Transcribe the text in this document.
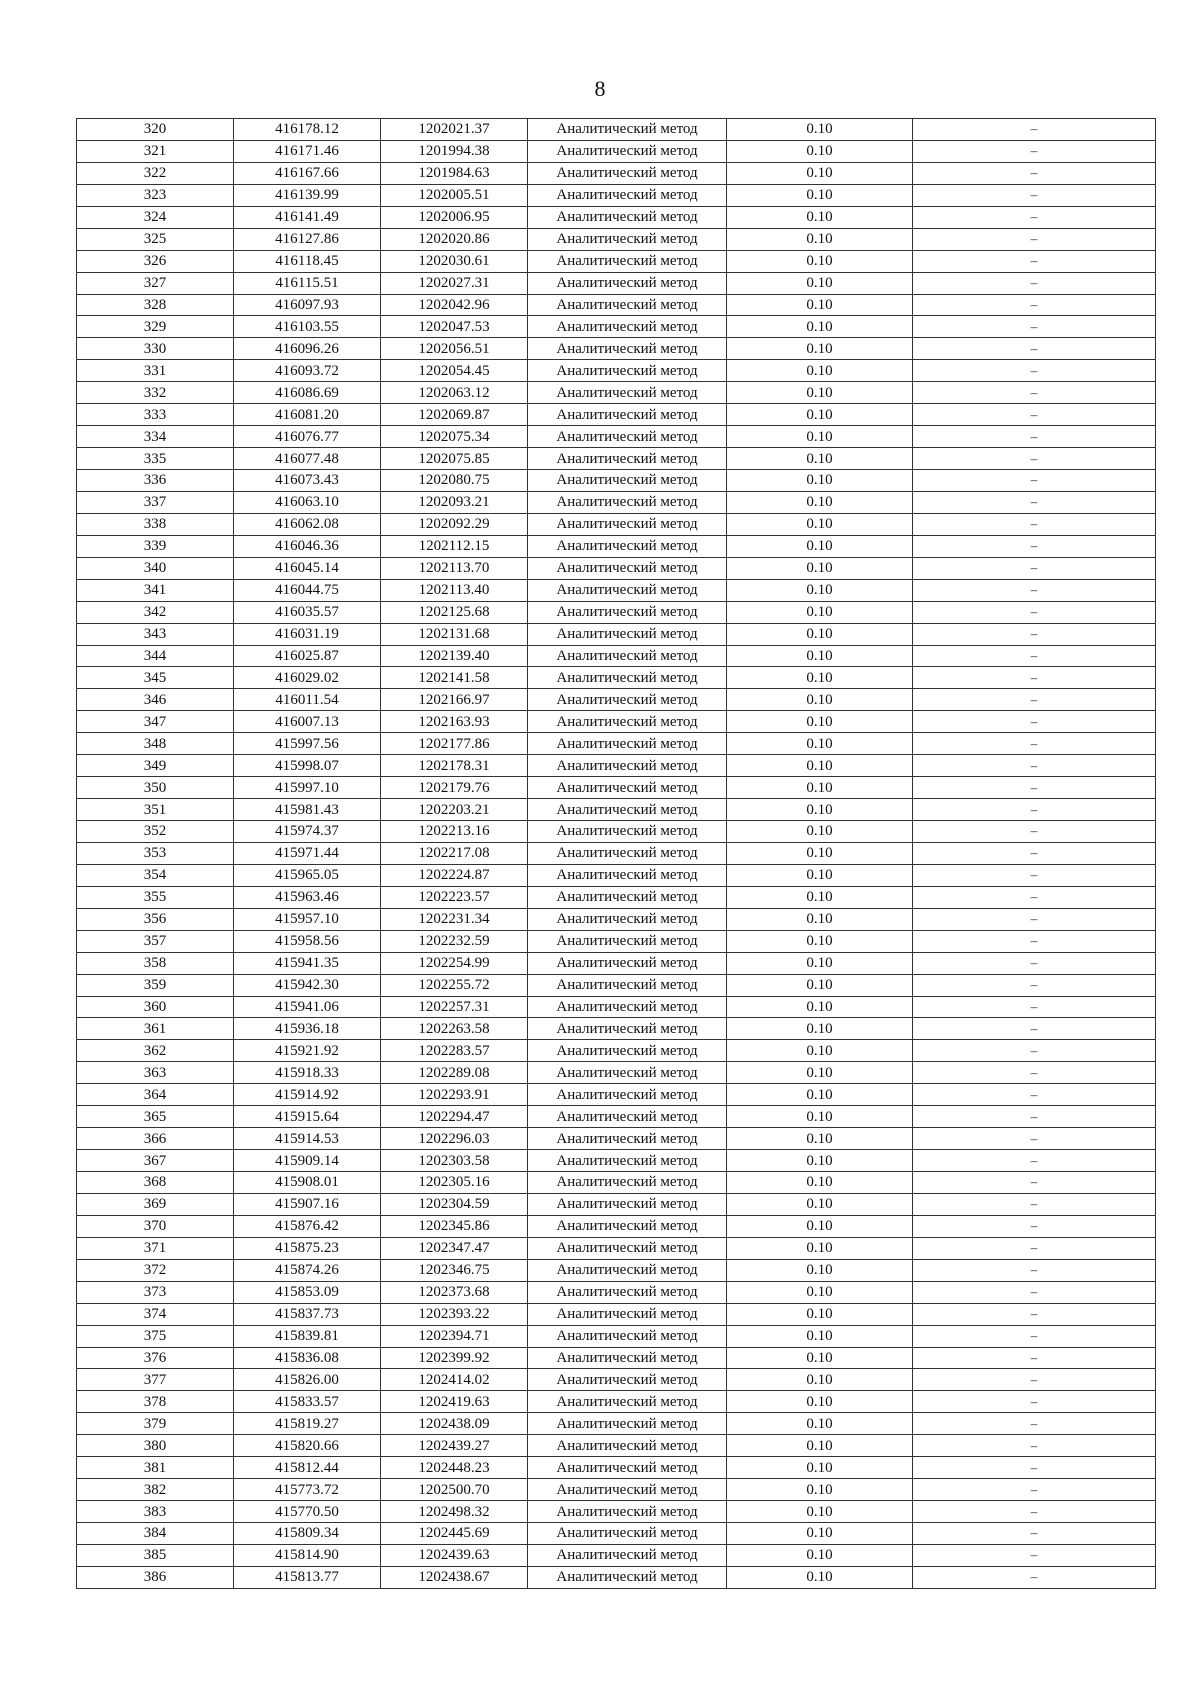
8
320	416178.12	1202021.37	Аналитический метод	0.10	–
321	416171.46	1201994.38	Аналитический метод	0.10	–
322	416167.66	1201984.63	Аналитический метод	0.10	–
323	416139.99	1202005.51	Аналитический метод	0.10	–
324	416141.49	1202006.95	Аналитический метод	0.10	–
325	416127.86	1202020.86	Аналитический метод	0.10	–
326	416118.45	1202030.61	Аналитический метод	0.10	–
327	416115.51	1202027.31	Аналитический метод	0.10	–
328	416097.93	1202042.96	Аналитический метод	0.10	–
329	416103.55	1202047.53	Аналитический метод	0.10	–
330	416096.26	1202056.51	Аналитический метод	0.10	–
331	416093.72	1202054.45	Аналитический метод	0.10	–
332	416086.69	1202063.12	Аналитический метод	0.10	–
333	416081.20	1202069.87	Аналитический метод	0.10	–
334	416076.77	1202075.34	Аналитический метод	0.10	–
335	416077.48	1202075.85	Аналитический метод	0.10	–
336	416073.43	1202080.75	Аналитический метод	0.10	–
337	416063.10	1202093.21	Аналитический метод	0.10	–
338	416062.08	1202092.29	Аналитический метод	0.10	–
339	416046.36	1202112.15	Аналитический метод	0.10	–
340	416045.14	1202113.70	Аналитический метод	0.10	–
341	416044.75	1202113.40	Аналитический метод	0.10	–
342	416035.57	1202125.68	Аналитический метод	0.10	–
343	416031.19	1202131.68	Аналитический метод	0.10	–
344	416025.87	1202139.40	Аналитический метод	0.10	–
345	416029.02	1202141.58	Аналитический метод	0.10	–
346	416011.54	1202166.97	Аналитический метод	0.10	–
347	416007.13	1202163.93	Аналитический метод	0.10	–
348	415997.56	1202177.86	Аналитический метод	0.10	–
349	415998.07	1202178.31	Аналитический метод	0.10	–
350	415997.10	1202179.76	Аналитический метод	0.10	–
351	415981.43	1202203.21	Аналитический метод	0.10	–
352	415974.37	1202213.16	Аналитический метод	0.10	–
353	415971.44	1202217.08	Аналитический метод	0.10	–
354	415965.05	1202224.87	Аналитический метод	0.10	–
355	415963.46	1202223.57	Аналитический метод	0.10	–
356	415957.10	1202231.34	Аналитический метод	0.10	–
357	415958.56	1202232.59	Аналитический метод	0.10	–
358	415941.35	1202254.99	Аналитический метод	0.10	–
359	415942.30	1202255.72	Аналитический метод	0.10	–
360	415941.06	1202257.31	Аналитический метод	0.10	–
361	415936.18	1202263.58	Аналитический метод	0.10	–
362	415921.92	1202283.57	Аналитический метод	0.10	–
363	415918.33	1202289.08	Аналитический метод	0.10	–
364	415914.92	1202293.91	Аналитический метод	0.10	–
365	415915.64	1202294.47	Аналитический метод	0.10	–
366	415914.53	1202296.03	Аналитический метод	0.10	–
367	415909.14	1202303.58	Аналитический метод	0.10	–
368	415908.01	1202305.16	Аналитический метод	0.10	–
369	415907.16	1202304.59	Аналитический метод	0.10	–
370	415876.42	1202345.86	Аналитический метод	0.10	–
371	415875.23	1202347.47	Аналитический метод	0.10	–
372	415874.26	1202346.75	Аналитический метод	0.10	–
373	415853.09	1202373.68	Аналитический метод	0.10	–
374	415837.73	1202393.22	Аналитический метод	0.10	–
375	415839.81	1202394.71	Аналитический метод	0.10	–
376	415836.08	1202399.92	Аналитический метод	0.10	–
377	415826.00	1202414.02	Аналитический метод	0.10	–
378	415833.57	1202419.63	Аналитический метод	0.10	–
379	415819.27	1202438.09	Аналитический метод	0.10	–
380	415820.66	1202439.27	Аналитический метод	0.10	–
381	415812.44	1202448.23	Аналитический метод	0.10	–
382	415773.72	1202500.70	Аналитический метод	0.10	–
383	415770.50	1202498.32	Аналитический метод	0.10	–
384	415809.34	1202445.69	Аналитический метод	0.10	–
385	415814.90	1202439.63	Аналитический метод	0.10	–
386	415813.77	1202438.67	Аналитический метод	0.10	–
